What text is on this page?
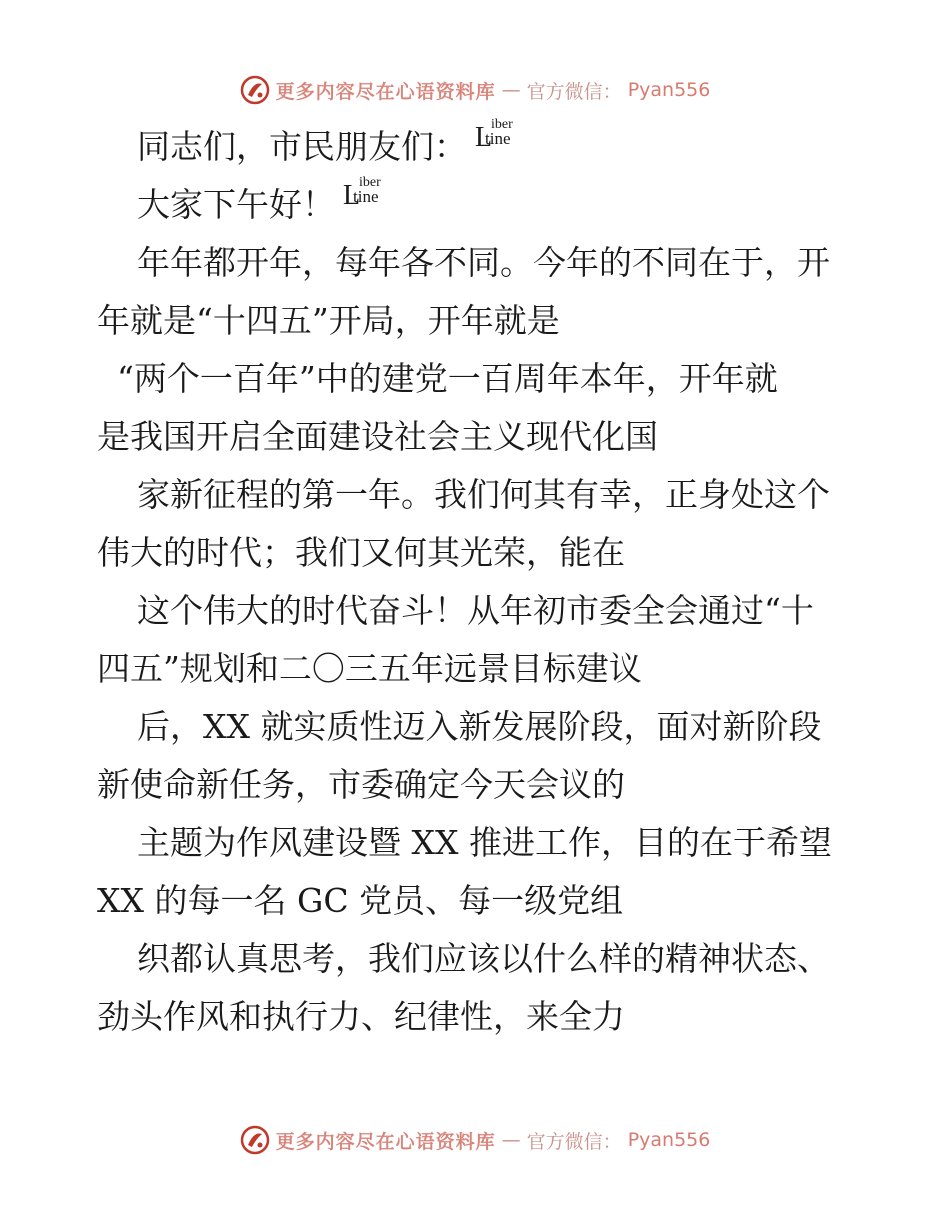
更多内容尽在心语资料库 — 官方微信： Pyan556

同志们，市民朋友们： L
iber
tine

大家下午好！ L
iber
tine

年年都开年，每年各不同。今年的不同在于，开

年就是“十四五”开局，开年就是

“两个一百年”中的建党一百周年本年，开年就

是我国开启全面建设社会主义现代化国

家新征程的第一年。我们何其有幸，正身处这个

伟大的时代；我们又何其光荣，能在

这个伟大的时代奋斗！从年初市委全会通过“十

四五”规划和二〇三五年远景目标建议

后，XX 就实质性迈入新发展阶段，面对新阶段

新使命新任务，市委确定今天会议的

主题为作风建设暨 XX 推进工作，目的在于希望

XX 的每一名 GC 党员、每一级党组

织都认真思考，我们应该以什么样的精神状态、

劲头作风和执行力、纪律性，来全力

更多内容尽在心语资料库 — 官方微信： Pyan556
